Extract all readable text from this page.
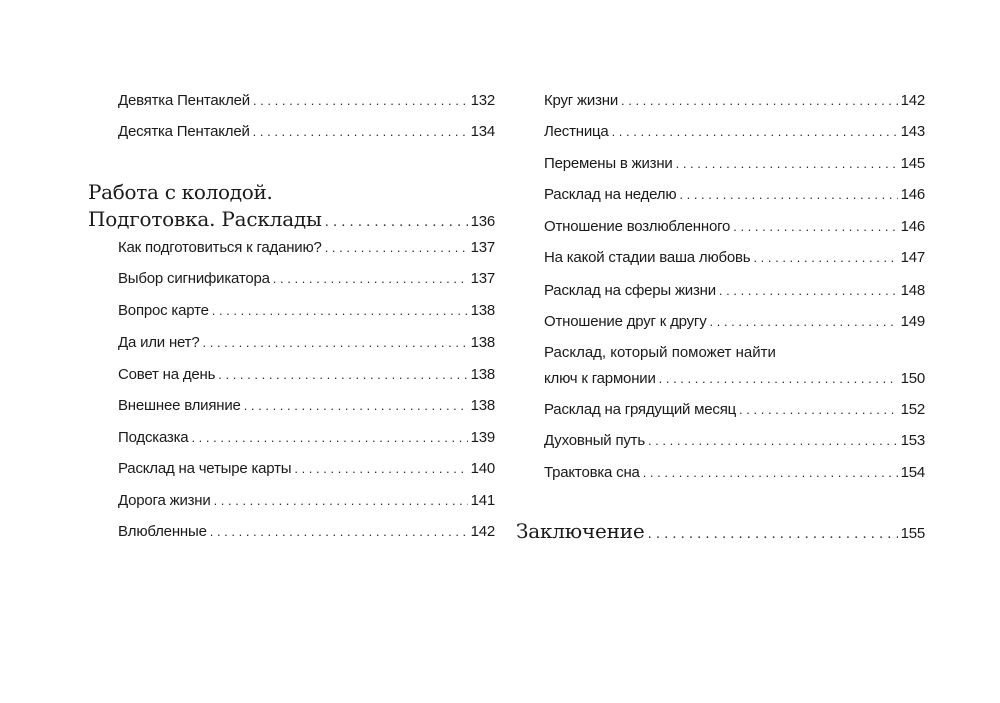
Девятка Пентаклей . . .	132
Десятка Пентаклей . . .	134
Работа с колодой.
Подготовка. Расклады . . .	136
Как подготовиться к гаданию? . . .	137
Выбор сигнификатора . . .	137
Вопрос карте . . .	138
Да или нет? . . .	138
Совет на день . . .	138
Внешнее влияние . . .	138
Подсказка . . .	139
Расклад на четыре карты . . .	140
Дорога жизни . . .	141
Влюбленные . . .	142
Круг жизни . . .	142
Лестница . . .	143
Перемены в жизни . . .	145
Расклад на неделю . . .	146
Отношение возлюбленного . . .	146
На какой стадии ваша любовь . . .	147
Расклад на сферы жизни . . .	148
Отношение друг к другу . . .	149
Расклад, который поможет найти
ключ к гармонии . . .	150
Расклад на грядущий месяц . . .	152
Духовный путь . . .	153
Трактовка сна . . .	154
Заключение . . .	155
